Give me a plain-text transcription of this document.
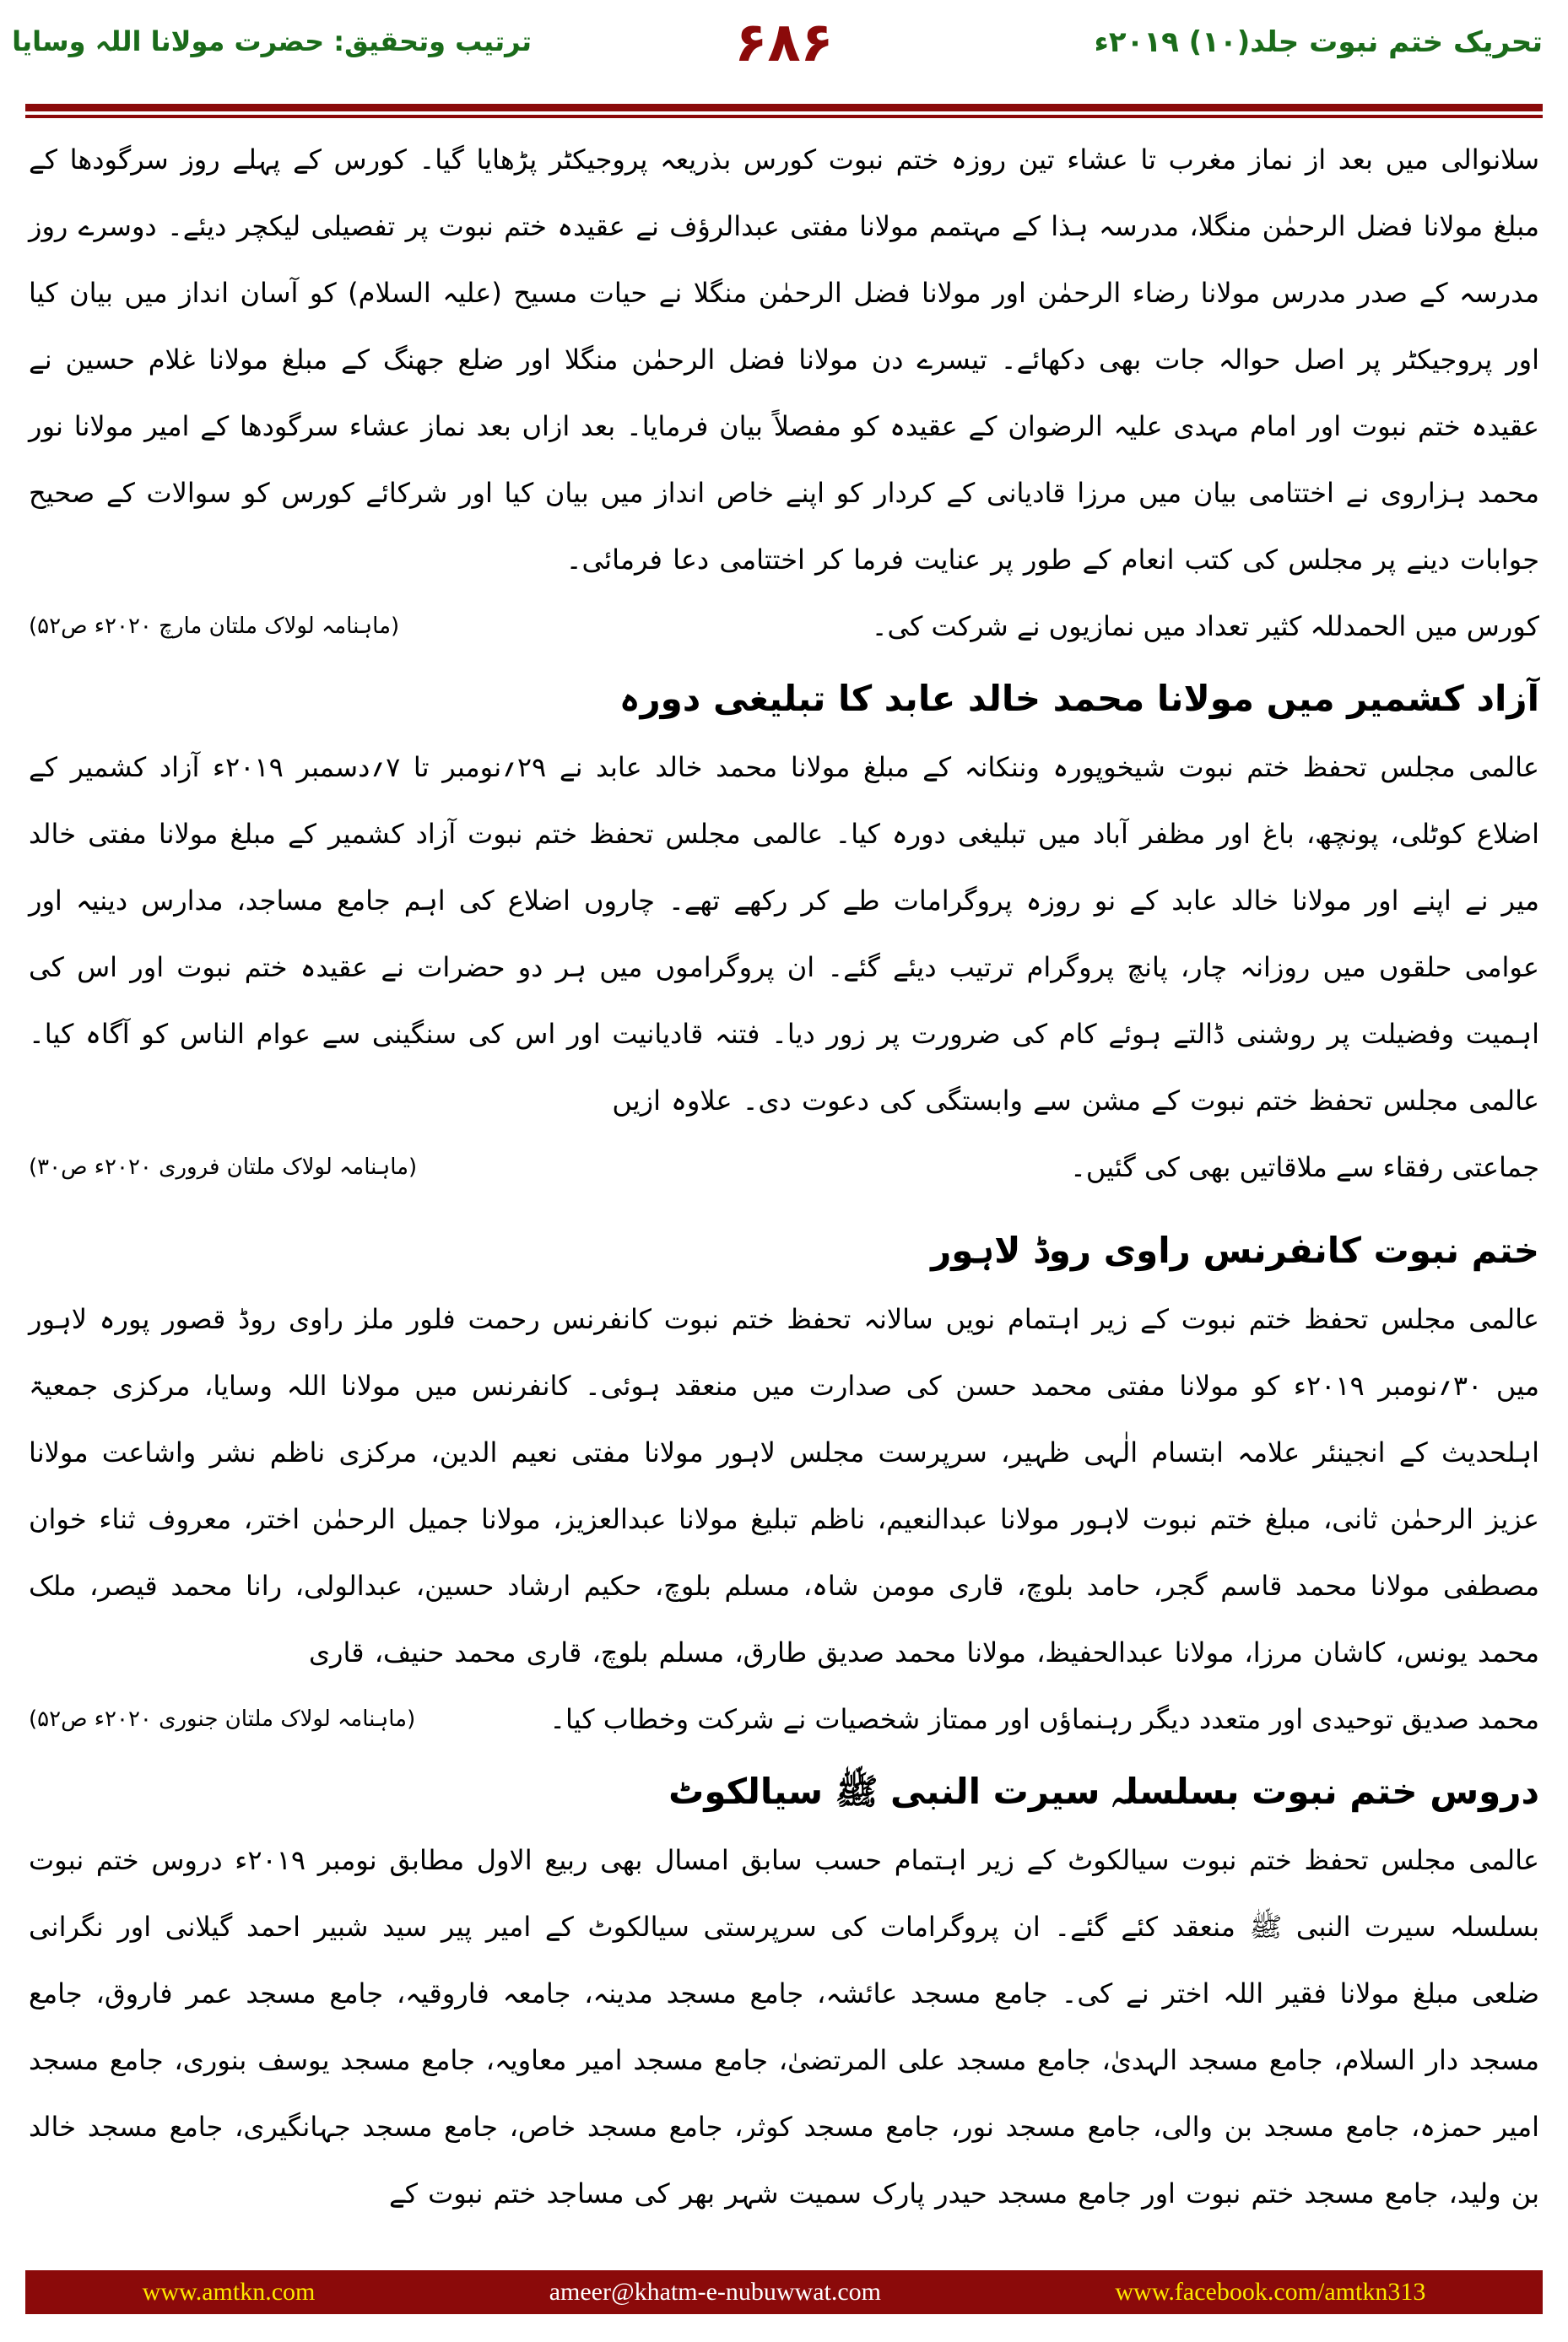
تحریک ختم نبوت جلد(۱۰) ۲۰۱۹ء
۶۸۶
ترتیب وتحقیق: حضرت مولانا اللہ وسایا

سلانوالی میں بعد از نماز مغرب تا عشاء تین روزہ ختم نبوت کورس بذریعہ پروجیکٹر پڑھایا گیا۔ کورس کے پہلے روز سرگودھا کے مبلغ مولانا فضل الرحمٰن منگلا، مدرسہ ہذا کے مہتمم مولانا مفتی عبدالرؤف نے عقیدہ ختم نبوت پر تفصیلی لیکچر دیئے۔ دوسرے روز مدرسہ کے صدر مدرس مولانا رضاء الرحمٰن اور مولانا فضل الرحمٰن منگلا نے حیات مسیح (علیہ السلام) کو آسان انداز میں بیان کیا اور پروجیکٹر پر اصل حوالہ جات بھی دکھائے۔ تیسرے دن مولانا فضل الرحمٰن منگلا اور ضلع جھنگ کے مبلغ مولانا غلام حسین نے عقیدہ ختم نبوت اور امام مہدی علیہ الرضوان کے عقیدہ کو مفصلاً بیان فرمایا۔ بعد ازاں بعد نماز عشاء سرگودھا کے امیر مولانا نور محمد ہزاروی نے اختتامی بیان میں مرزا قادیانی کے کردار کو اپنے خاص انداز میں بیان کیا اور شرکائے کورس کو سوالات کے صحیح جوابات دینے پر مجلس کی کتب انعام کے طور پر عنایت فرما کر اختتامی دعا فرمائی۔

کورس میں الحمدللہ کثیر تعداد میں نمازیوں نے شرکت کی۔
(ماہنامہ لولاک ملتان مارچ ۲۰۲۰ء ص۵۲)
آزاد کشمیر میں مولانا محمد خالد عابد کا تبلیغی دورہ

عالمی مجلس تحفظ ختم نبوت شیخوپورہ وننکانہ کے مبلغ مولانا محمد خالد عابد نے ۲۹؍نومبر تا ۷؍دسمبر ۲۰۱۹ء آزاد کشمیر کے اضلاع کوٹلی، پونچھ، باغ اور مظفر آباد میں تبلیغی دورہ کیا۔ عالمی مجلس تحفظ ختم نبوت آزاد کشمیر کے مبلغ مولانا مفتی خالد میر نے اپنے اور مولانا خالد عابد کے نو روزہ پروگرامات طے کر رکھے تھے۔ چاروں اضلاع کی اہم جامع مساجد، مدارس دینیہ اور عوامی حلقوں میں روزانہ چار، پانچ پروگرام ترتیب دیئے گئے۔ ان پروگراموں میں ہر دو حضرات نے عقیدہ ختم نبوت اور اس کی اہمیت وفضیلت پر روشنی ڈالتے ہوئے کام کی ضرورت پر زور دیا۔ فتنہ قادیانیت اور اس کی سنگینی سے عوام الناس کو آگاہ کیا۔ عالمی مجلس تحفظ ختم نبوت کے مشن سے وابستگی کی دعوت دی۔ علاوہ ازیں

جماعتی رفقاء سے ملاقاتیں بھی کی گئیں۔
(ماہنامہ لولاک ملتان فروری ۲۰۲۰ء ص۳۰)
ختم نبوت کانفرنس راوی روڈ لاہور

عالمی مجلس تحفظ ختم نبوت کے زیر اہتمام نویں سالانہ تحفظ ختم نبوت کانفرنس رحمت فلور ملز راوی روڈ قصور پورہ لاہور میں ۳۰؍نومبر ۲۰۱۹ء کو مولانا مفتی محمد حسن کی صدارت میں منعقد ہوئی۔ کانفرنس میں مولانا اللہ وسایا، مرکزی جمعیۃ اہلحدیث کے انجینئر علامہ ابتسام الٰہی ظہیر، سرپرست مجلس لاہور مولانا مفتی نعیم الدین، مرکزی ناظم نشر واشاعت مولانا عزیز الرحمٰن ثانی، مبلغ ختم نبوت لاہور مولانا عبدالنعیم، ناظم تبلیغ مولانا عبدالعزیز، مولانا جمیل الرحمٰن اختر، معروف ثناء خوان مصطفی مولانا محمد قاسم گجر، حامد بلوچ، قاری مومن شاہ، مسلم بلوچ، حکیم ارشاد حسین، عبدالولی، رانا محمد قیصر، ملک محمد یونس، کاشان مرزا، مولانا عبدالحفیظ، مولانا محمد صدیق طارق، مسلم بلوچ، قاری محمد حنیف، قاری

محمد صدیق توحیدی اور متعدد دیگر رہنماؤں اور ممتاز شخصیات نے شرکت وخطاب کیا۔
(ماہنامہ لولاک ملتان جنوری ۲۰۲۰ء ص۵۲)
دروس ختم نبوت بسلسلہ سیرت النبی ﷺ سیالکوٹ

عالمی مجلس تحفظ ختم نبوت سیالکوٹ کے زیر اہتمام حسب سابق امسال بھی ربیع الاول مطابق نومبر ۲۰۱۹ء دروس ختم نبوت بسلسلہ سیرت النبی ﷺ منعقد کئے گئے۔ ان پروگرامات کی سرپرستی سیالکوٹ کے امیر پیر سید شبیر احمد گیلانی اور نگرانی ضلعی مبلغ مولانا فقیر اللہ اختر نے کی۔ جامع مسجد عائشہ، جامع مسجد مدینہ، جامعہ فاروقیہ، جامع مسجد عمر فاروق، جامع مسجد دار السلام، جامع مسجد الہدیٰ، جامع مسجد علی المرتضیٰ، جامع مسجد امیر معاویہ، جامع مسجد یوسف بنوری، جامع مسجد امیر حمزہ، جامع مسجد بن والی، جامع مسجد نور، جامع مسجد کوثر، جامع مسجد خاص، جامع مسجد جہانگیری، جامع مسجد خالد بن ولید، جامع مسجد ختم نبوت اور جامع مسجد حیدر پارک سمیت شہر بھر کی مساجد ختم نبوت کے

www.amtkn.com	ameer@khatm-e-nubuwwat.com	www.facebook.com/amtkn313
